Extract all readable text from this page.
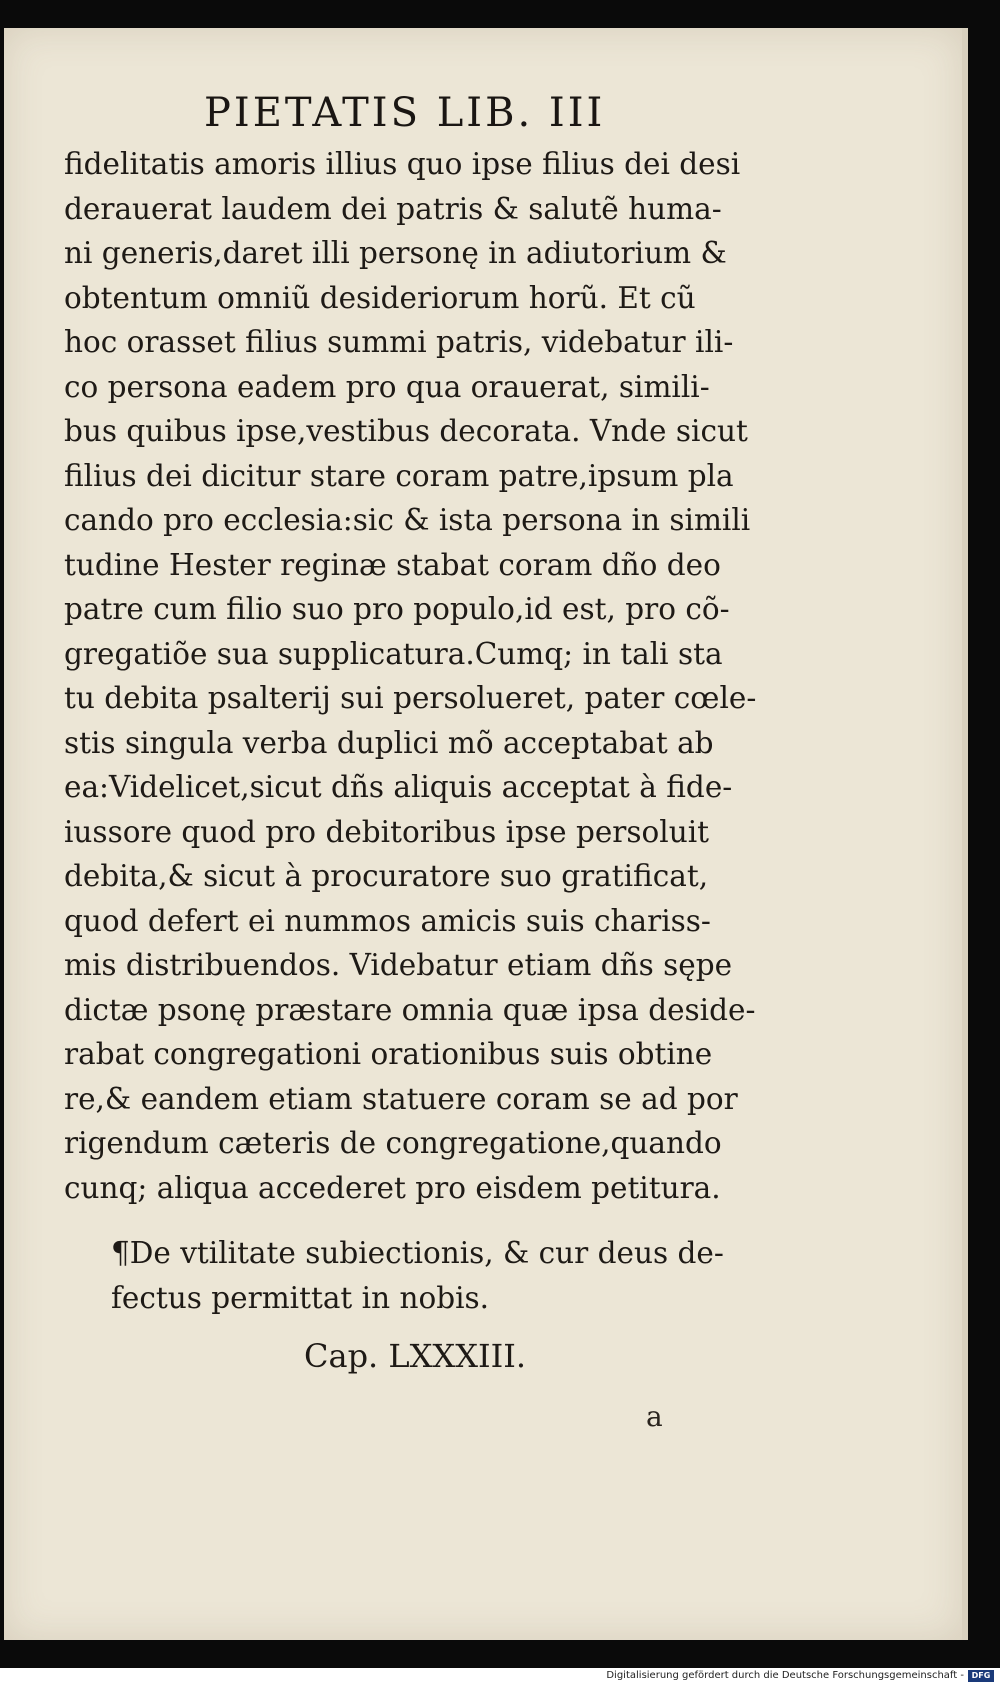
PIETATIS LIB. III
fidelitatis amoris illius quo ipse filius dei desi
derauerat laudem dei patris & salutẽ huma-
ni generis,daret illi personę in adiutorium &
obtentum omniũ desideriorum horũ. Et cũ
hoc orasset filius summi patris, videbatur ili-
co persona eadem pro qua orauerat, simili-
bus quibus ipse,vestibus decorata. Vnde sicut
filius dei dicitur stare coram patre,ipsum pla
cando pro ecclesia:sic & ista persona in simili
tudine Hester reginæ stabat coram dño deo
patre cum filio suo pro populo,id est, pro cõ-
gregatiõe sua supplicatura.Cumq; in tali sta
tu debita psalterij sui persolueret, pater cœle-
stis singula verba duplici mõ acceptabat ab
ea:Videlicet,sicut dñs aliquis acceptat à fide-
iussore quod pro debitoribus ipse persoluit
debita,& sicut à procuratore suo gratificat,
quod defert ei nummos amicis suis chariss-
mis distribuendos. Videbatur etiam dñs sępe
dictæ psonę præstare omnia quæ ipsa deside-
rabat congregationi orationibus suis obtine
re,& eandem etiam statuere coram se ad por
rigendum cæteris de congregatione,quando
cunq; aliqua accederet pro eisdem petitura.
¶De vtilitate subiectionis, & cur deus de-
fectus permittat in nobis.
Cap. LXXXIII.
a
Digitalisierung gefördert durch die Deutsche Forschungsgemeinschaft - DFG
